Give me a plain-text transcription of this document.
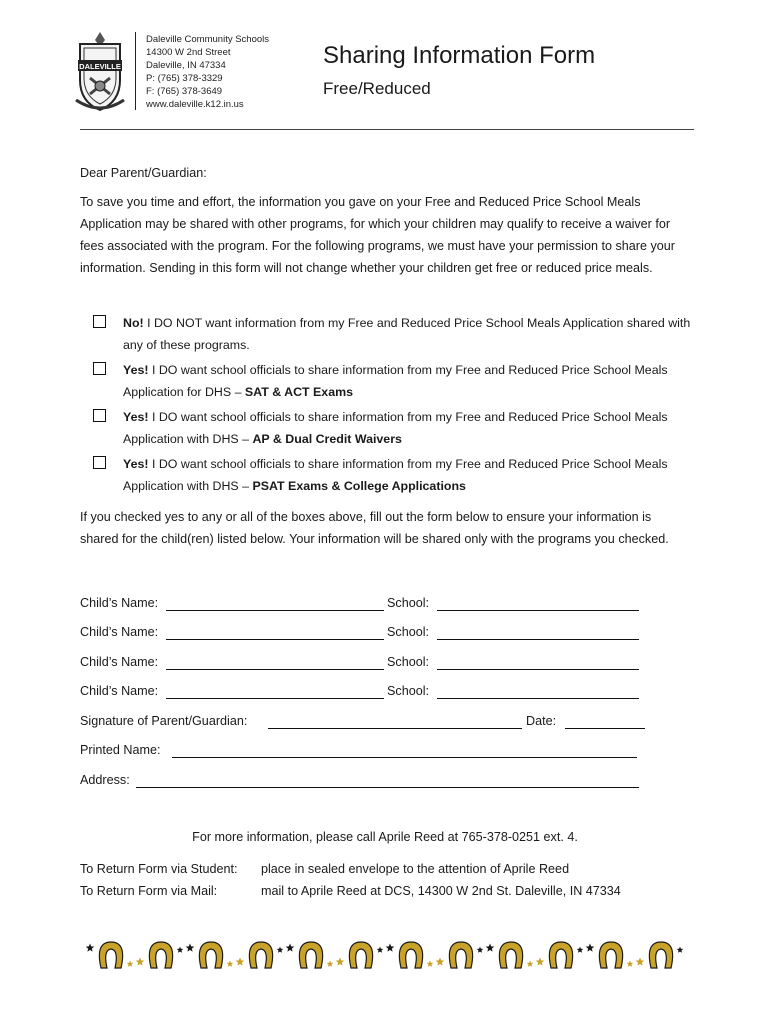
DALEVILLE
Daleville Community Schools
14300 W 2nd Street
Daleville, IN 47334
P: (765) 378-3329
F: (765) 378-3649
www.daleville.k12.in.us
Sharing Information Form
Free/Reduced
Dear Parent/Guardian:
To save you time and effort, the information you gave on your Free and Reduced Price School Meals Application may be shared with other programs, for which your children may qualify to receive a waiver for fees associated with the program. For the following programs, we must have your permission to share your information. Sending in this form will not change whether your children get free or reduced price meals.
No! I DO NOT want information from my Free and Reduced Price School Meals Application shared with any of these programs.
Yes! I DO want school officials to share information from my Free and Reduced Price School Meals Application for DHS – SAT & ACT Exams
Yes! I DO want school officials to share information from my Free and Reduced Price School Meals Application with DHS – AP & Dual Credit Waivers
Yes! I DO want school officials to share information from my Free and Reduced Price School Meals Application with DHS – PSAT Exams & College Applications
If you checked yes to any or all of the boxes above, fill out the form below to ensure your information is shared for the child(ren) listed below. Your information will be shared only with the programs you checked.
Child’s Name:	School:
Child’s Name:	School:
Child’s Name:	School:
Child’s Name:	School:
Signature of Parent/Guardian:	Date:
Printed Name:
Address:
For more information, please call Aprile Reed at 765-378-0251 ext. 4.
To Return Form via Student: place in sealed envelope to the attention of Aprile Reed
To Return Form via Mail:	mail to Aprile Reed at DCS, 14300 W 2nd St. Daleville, IN 47334
